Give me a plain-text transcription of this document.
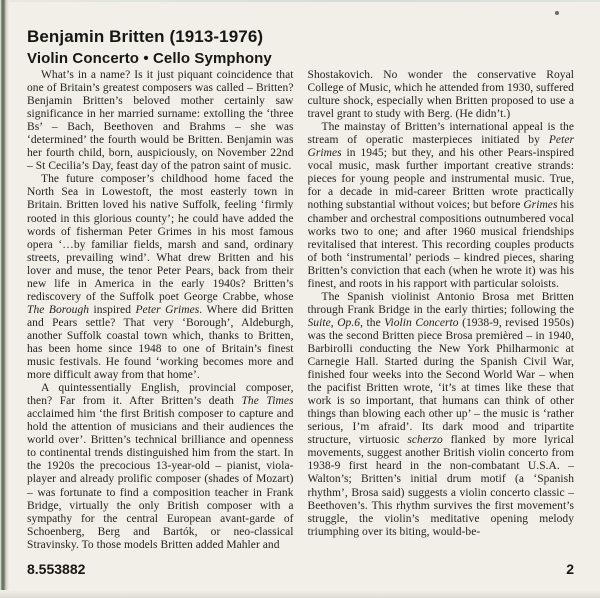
Benjamin Britten (1913-1976)
Violin Concerto • Cello Symphony

What’s in a name? Is it just piquant coincidence that one of Britain’s greatest composers was called – Britten? Benjamin Britten’s beloved mother certainly saw significance in her married surname: extolling the ‘three Bs’ – Bach, Beethoven and Brahms – she was ‘determined’ the fourth would be Britten. Benjamin was her fourth child, born, auspiciously, on November 22nd – St Cecilia’s Day, feast day of the patron saint of music.

The future composer’s childhood home faced the North Sea in Lowestoft, the most easterly town in Britain. Britten loved his native Suffolk, feeling ‘firmly rooted in this glorious county’; he could have added the words of fisherman Peter Grimes in his most famous opera ‘…by familiar fields, marsh and sand, ordinary streets, prevailing wind’. What drew Britten and his lover and muse, the tenor Peter Pears, back from their new life in America in the early 1940s? Britten’s rediscovery of the Suffolk poet George Crabbe, whose The Borough inspired Peter Grimes. Where did Britten and Pears settle? That very ‘Borough’, Aldeburgh, another Suffolk coastal town which, thanks to Britten, has been home since 1948 to one of Britain’s finest music festivals. He found ‘working becomes more and more difficult away from that home’.

A quintessentially English, provincial composer, then? Far from it. After Britten’s death The Times acclaimed him ‘the first British composer to capture and hold the attention of musicians and their audiences the world over’. Britten’s technical brilliance and openness to continental trends distinguished him from the start. In the 1920s the precocious 13-year-old – pianist, viola-player and already prolific composer (shades of Mozart) – was fortunate to find a composition teacher in Frank Bridge, virtually the only British composer with a sympathy for the central European avant-garde of Schoenberg, Berg and Bartók, or neo-classical Stravinsky. To those models Britten added Mahler and

Shostakovich. No wonder the conservative Royal College of Music, which he attended from 1930, suffered culture shock, especially when Britten proposed to use a travel grant to study with Berg. (He didn’t.)

The mainstay of Britten’s international appeal is the stream of operatic masterpieces initiated by Peter Grimes in 1945; but they, and his other Pears-inspired vocal music, mask further important creative strands: pieces for young people and instrumental music. True, for a decade in mid-career Britten wrote practically nothing substantial without voices; but before Grimes his chamber and orchestral compositions outnumbered vocal works two to one; and after 1960 musical friendships revitalised that interest. This recording couples products of both ‘instrumental’ periods – kindred pieces, sharing Britten’s conviction that each (when he wrote it) was his finest, and roots in his rapport with particular soloists.

The Spanish violinist Antonio Brosa met Britten through Frank Bridge in the early thirties; following the Suite, Op.6, the Violin Concerto (1938-9, revised 1950s) was the second Britten piece Brosa premièred – in 1940, Barbirolli conducting the New York Philharmonic at Carnegie Hall. Started during the Spanish Civil War, finished four weeks into the Second World War – when the pacifist Britten wrote, ‘it’s at times like these that work is so important, that humans can think of other things than blowing each other up’ – the music is ‘rather serious, I’m afraid’. Its dark mood and tripartite structure, virtuosic scherzo flanked by more lyrical movements, suggest another British violin concerto from 1938-9 first heard in the non-combatant U.S.A. – Walton’s; Britten’s initial drum motif (a ‘Spanish rhythm’, Brosa said) suggests a violin concerto classic – Beethoven’s. This rhythm survives the first movement’s struggle, the violin’s meditative opening melody triumphing over its biting, would-be-

8.553882	2
